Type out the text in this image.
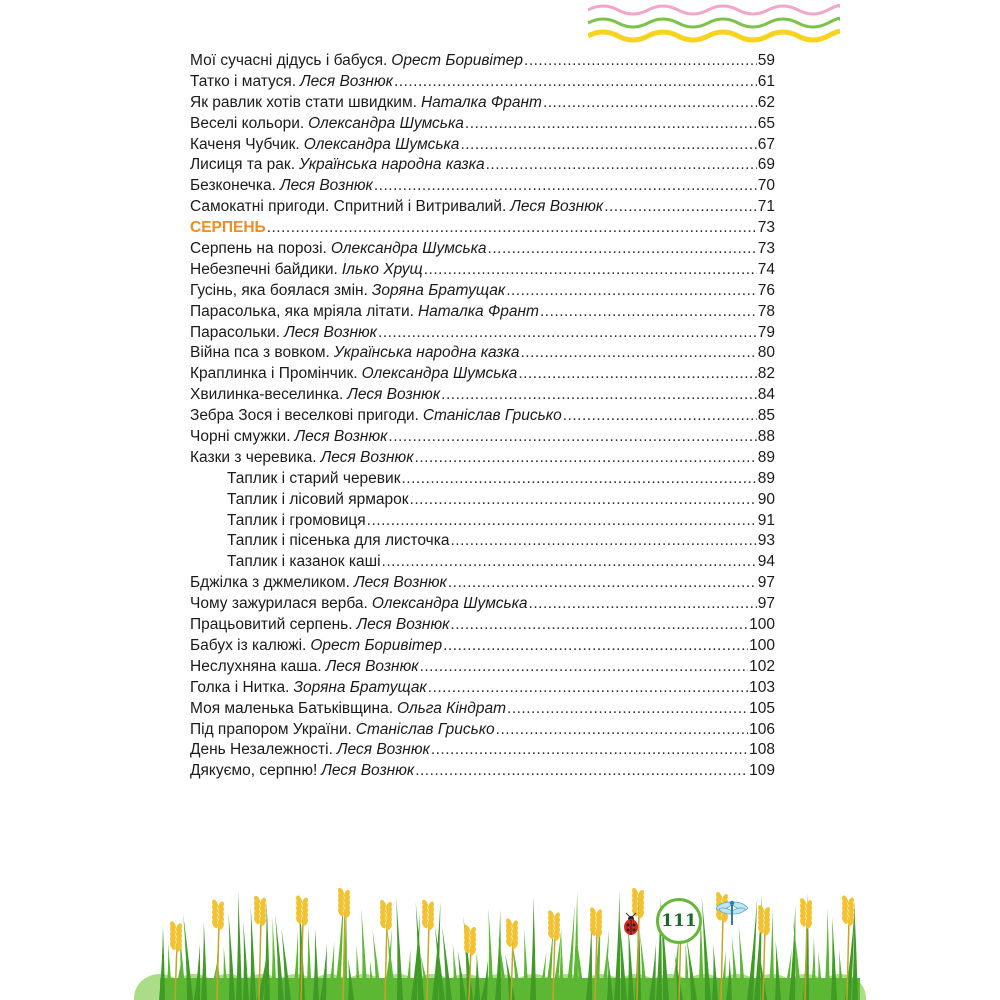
Мої сучасні дідусь і бабуся. Орест Боривітер .....	59
Татко і матуся. Леся Вознюк .....	61
Як равлик хотів стати швидким. Наталка Франт .....	62
Веселі кольори. Олександра Шумська .....	65
Каченя Чубчик. Олександра Шумська .....	67
Лисиця та рак. Українська народна казка .....	69
Безконечка. Леся Вознюк .....	70
Самокатні пригоди. Спритний і Витривалий. Леся Вознюк .....	71
СЕРПЕНЬ .....	73
Серпень на порозі. Олександра Шумська .....	73
Небезпечні байдики. Ілько Хрущ .....	74
Гусінь, яка боялася змін. Зоряна Братущак .....	76
Парасолька, яка мріяла літати. Наталка Франт .....	78
Парасольки. Леся Вознюк .....	79
Війна пса з вовком. Українська народна казка .....	80
Краплинка і Промінчик. Олександра Шумська .....	82
Хвилинка-веселинка. Леся Вознюк .....	84
Зебра Зося і веселкові пригоди. Станіслав Грисько .....	85
Чорні смужки. Леся Вознюк .....	88
Казки з черевика. Леся Вознюк .....	89
Таплик і старий черевик .....	89
Таплик і лісовий ярмарок .....	90
Таплик і громовиця .....	91
Таплик і пісенька для листочка .....	93
Таплик і казанок каші .....	94
Бджілка з джмеликом. Леся Вознюк .....	97
Чому зажурилася верба. Олександра Шумська .....	97
Працьовитий серпень. Леся Вознюк .....	100
Бабух із калюжі. Орест Боривітер .....	100
Неслухняна каша. Леся Вознюк .....	102
Голка і Нитка. Зоряна Братущак .....	103
Моя маленька Батьківщина. Ольга Кіндрат .....	105
Під прапором України. Станіслав Грисько .....	106
День Незалежності. Леся Вознюк .....	108
Дякуємо, серпню! Леся Вознюк .....	109
111
